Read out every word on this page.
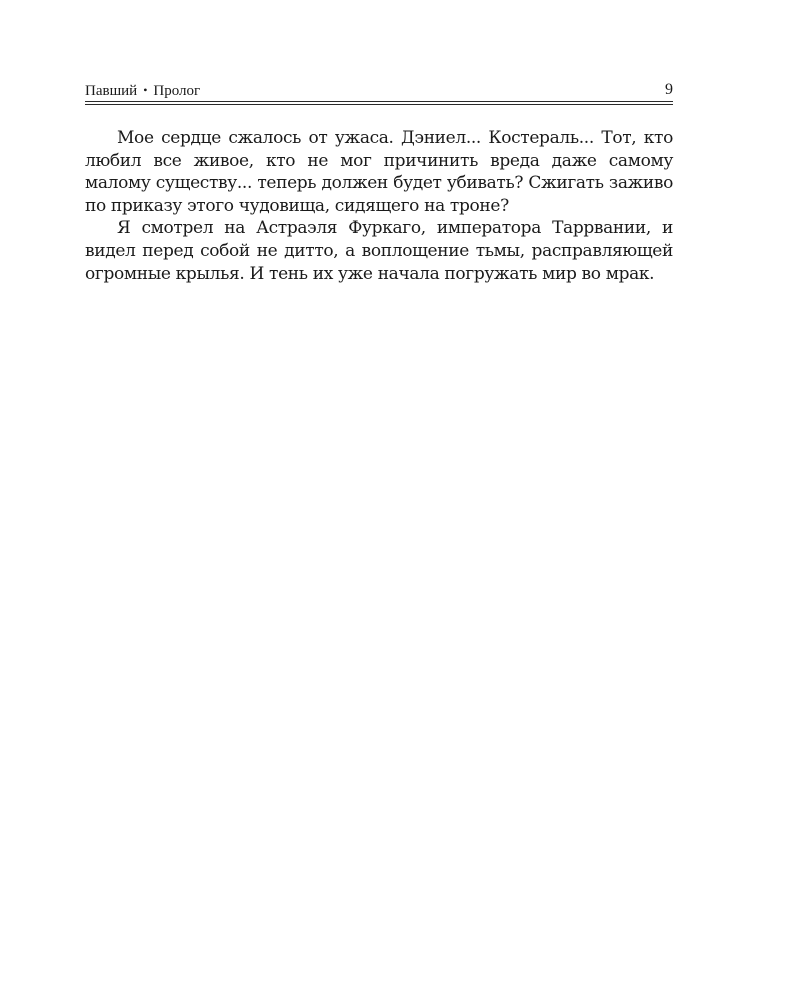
Павший • Пролог	9

Мое сердце сжалось от ужаса. Дэниел... Костераль... Тот, кто любил все живое, кто не мог причинить вреда даже самому малому существу... теперь должен будет убивать? Сжигать заживо по приказу этого чудовища, сидящего на троне?

Я смотрел на Астраэля Фуркаго, императора Таррвании, и видел перед собой не дитто, а воплощение тьмы, расправляющей огромные крылья. И тень их уже начала погружать мир во мрак.
